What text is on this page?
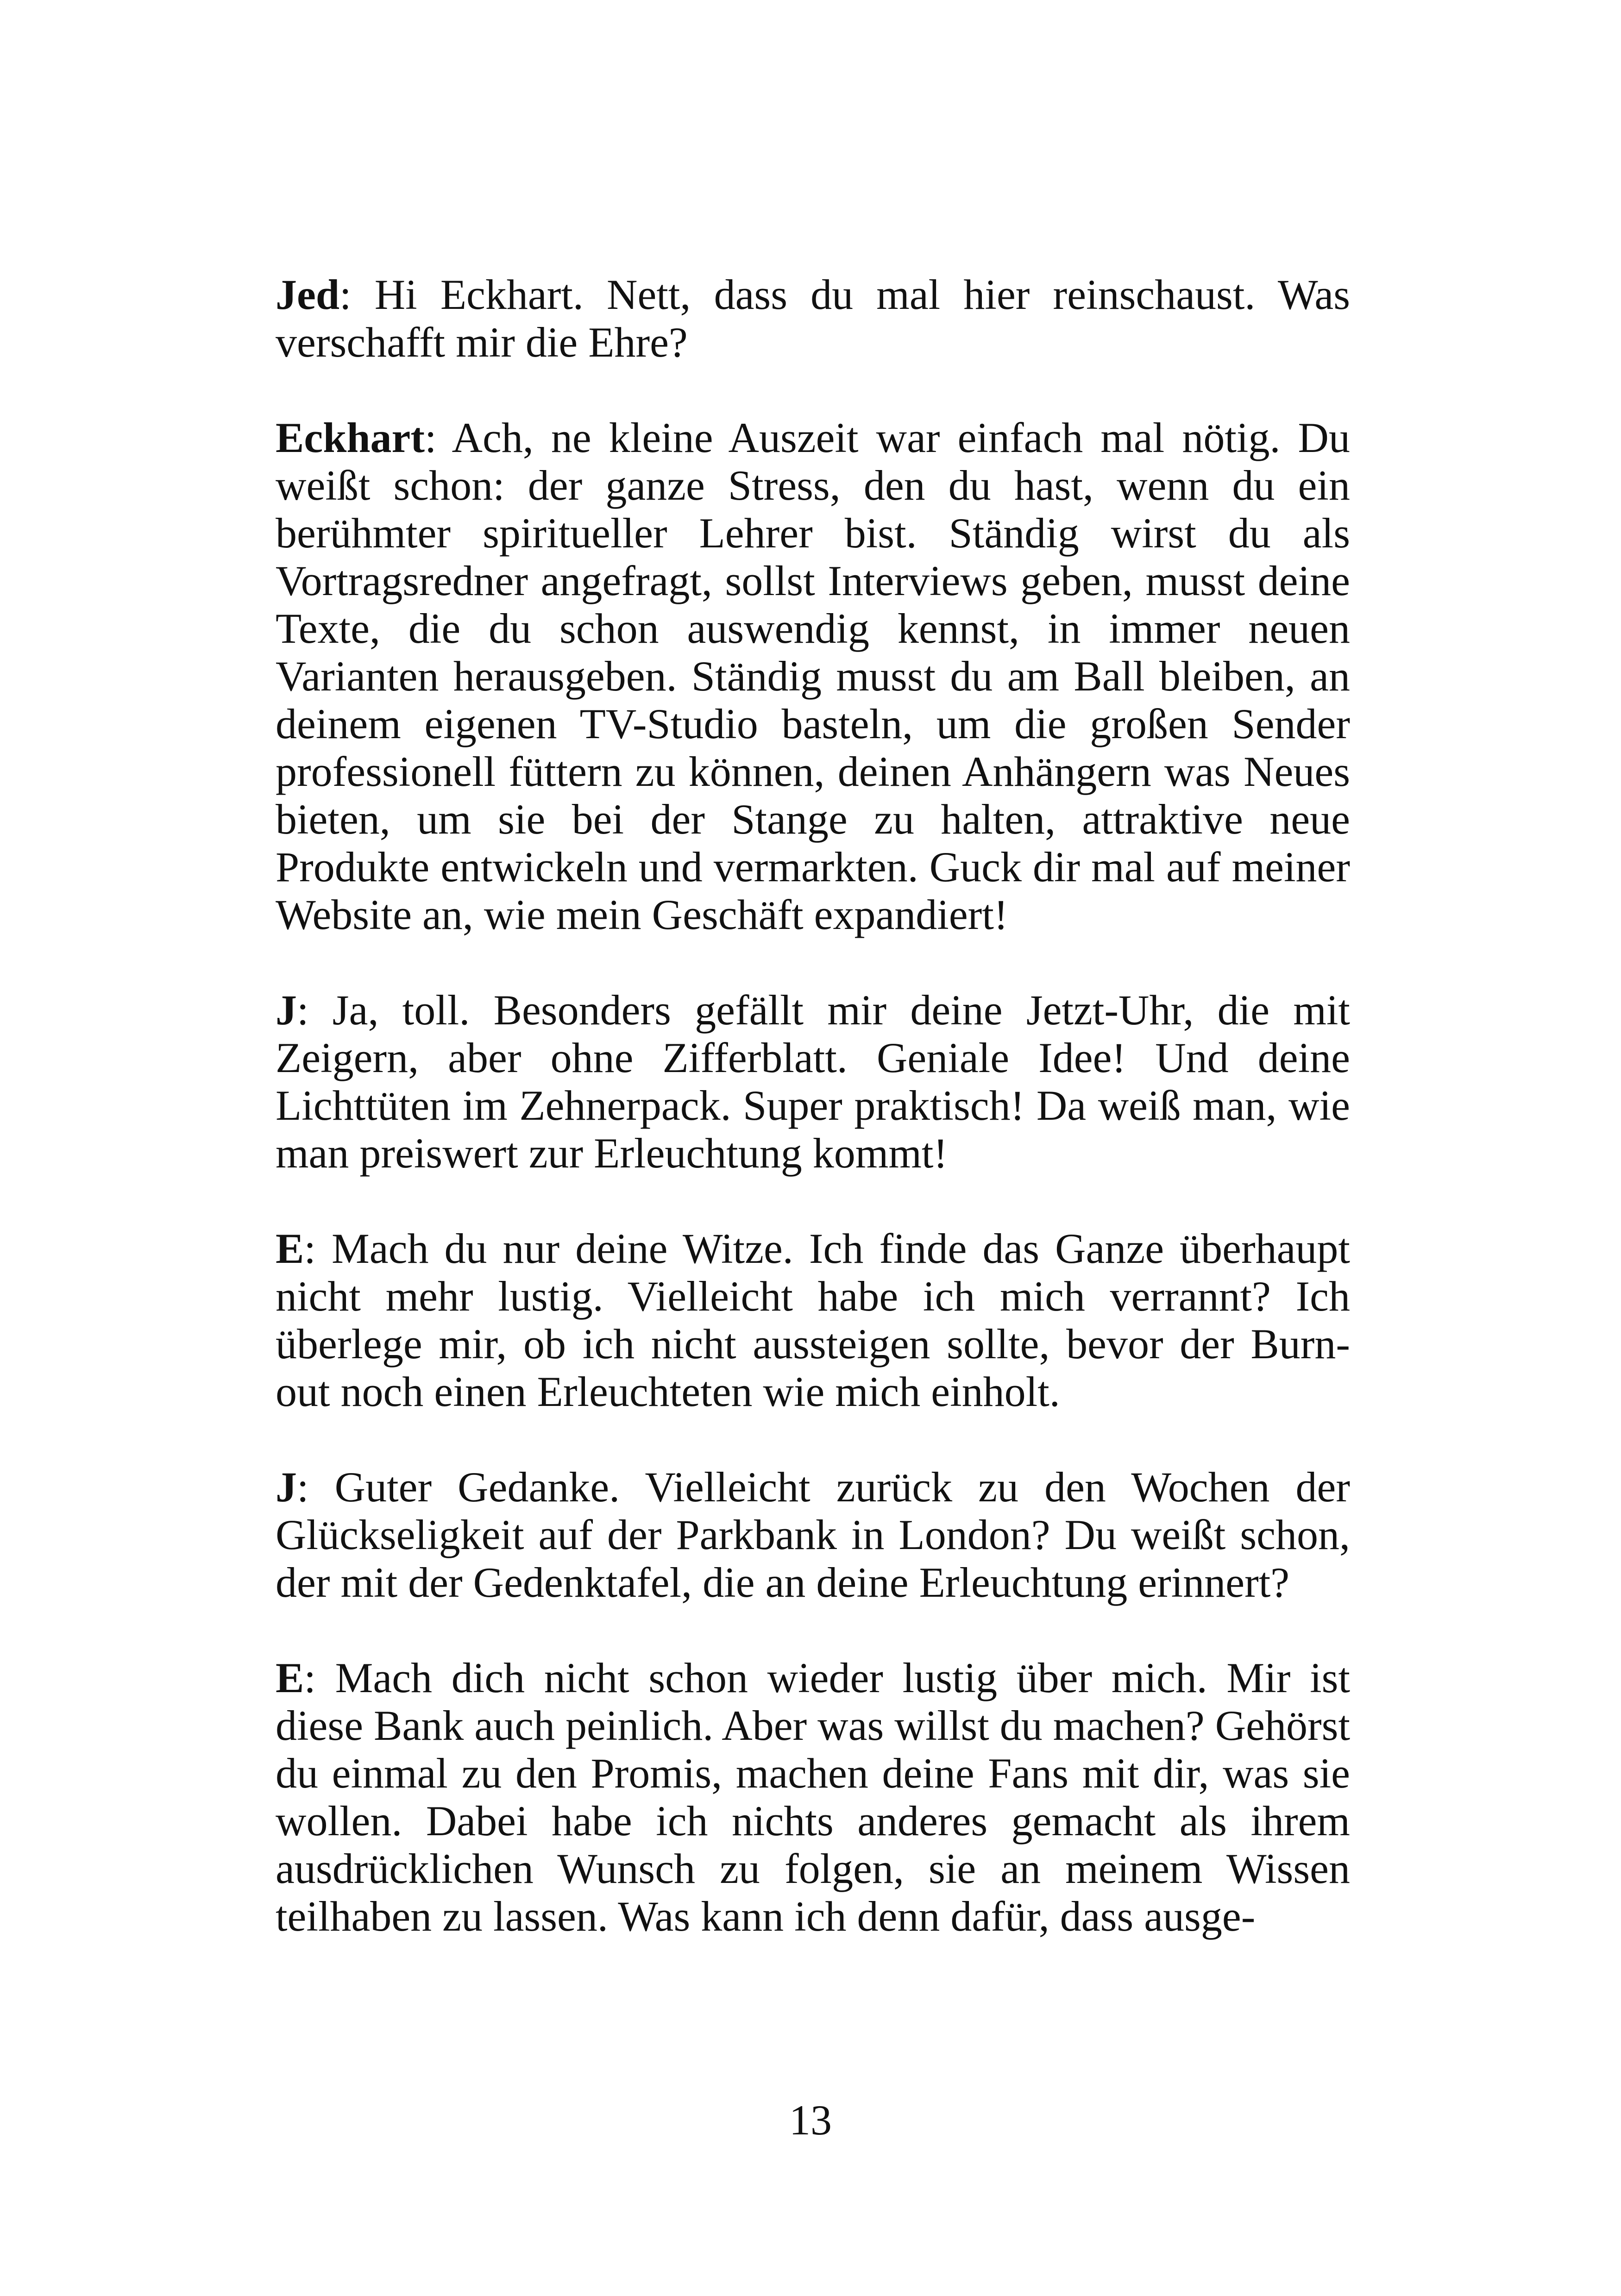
Jed: Hi Eckhart. Nett, dass du mal hier reinschaust. Was verschafft mir die Ehre?

Eckhart: Ach, ne kleine Auszeit war einfach mal nötig. Du weißt schon: der ganze Stress, den du hast, wenn du ein berühmter spiritueller Lehrer bist. Ständig wirst du als Vortragsredner angefragt, sollst Interviews geben, musst deine Texte, die du schon auswendig kennst, in immer neuen Varianten herausgeben. Ständig musst du am Ball bleiben, an deinem eigenen TV-Studio basteln, um die großen Sender professionell füttern zu können, deinen Anhängern was Neues bieten, um sie bei der Stange zu halten, attraktive neue Produkte entwickeln und vermarkten. Guck dir mal auf meiner Website an, wie mein Geschäft expandiert!

J: Ja, toll. Besonders gefällt mir deine Jetzt-Uhr, die mit Zeigern, aber ohne Zifferblatt. Geniale Idee! Und deine Lichttüten im Zehnerpack. Super praktisch! Da weiß man, wie man preiswert zur Erleuchtung kommt!

E: Mach du nur deine Witze. Ich finde das Ganze überhaupt nicht mehr lustig. Vielleicht habe ich mich verrannt? Ich überlege mir, ob ich nicht aussteigen sollte, bevor der Burn-out noch einen Erleuchteten wie mich einholt.

J: Guter Gedanke. Vielleicht zurück zu den Wochen der Glückseligkeit auf der Parkbank in London? Du weißt schon, der mit der Gedenktafel, die an deine Erleuchtung erinnert?

E: Mach dich nicht schon wieder lustig über mich. Mir ist diese Bank auch peinlich. Aber was willst du machen? Gehörst du einmal zu den Promis, machen deine Fans mit dir, was sie wollen. Dabei habe ich nichts anderes gemacht als ihrem ausdrücklichen Wunsch zu folgen, sie an meinem Wissen teilhaben zu lassen. Was kann ich denn dafür, dass ausge-

13
